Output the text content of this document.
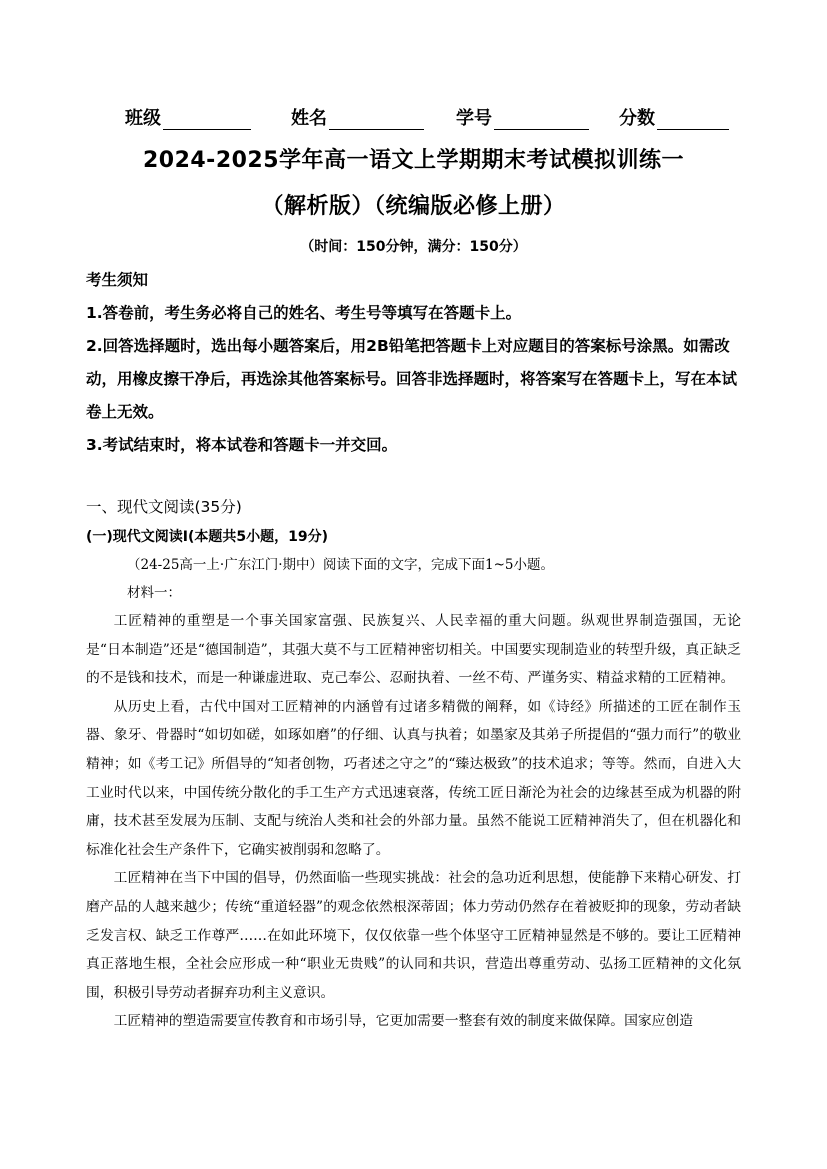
班级	姓名	学号	分数
2024-2025学年高一语文上学期期末考试模拟训练一
（解析版）（统编版必修上册）
（时间：150分钟，满分：150分）
考生须知
1.答卷前，考生务必将自己的姓名、考生号等填写在答题卡上。
2.回答选择题时，选出每小题答案后，用2B铅笔把答题卡上对应题目的答案标号涂黑。如需改动，用橡皮擦干净后，再选涂其他答案标号。回答非选择题时，将答案写在答题卡上，写在本试卷上无效。
3.考试结束时，将本试卷和答题卡一并交回。
一、现代文阅读(35分)
(一)现代文阅读Ⅰ(本题共5小题，19分)
（24-25高一上·广东江门·期中）阅读下面的文字，完成下面1~5小题。
材料一：

工匠精神的重塑是一个事关国家富强、民族复兴、人民幸福的重大问题。纵观世界制造强国，无论是“日本制造”还是“德国制造”，其强大莫不与工匠精神密切相关。中国要实现制造业的转型升级，真正缺乏的不是钱和技术，而是一种谦虚进取、克己奉公、忍耐执着、一丝不苟、严谨务实、精益求精的工匠精神。

从历史上看，古代中国对工匠精神的内涵曾有过诸多精微的阐释，如《诗经》所描述的工匠在制作玉器、象牙、骨器时“如切如磋，如琢如磨”的仔细、认真与执着；如墨家及其弟子所提倡的“强力而行”的敬业精神；如《考工记》所倡导的“知者创物，巧者述之守之”的“臻达极致”的技术追求；等等。然而，自进入大工业时代以来，中国传统分散化的手工生产方式迅速衰落，传统工匠日渐沦为社会的边缘甚至成为机器的附庸，技术甚至发展为压制、支配与统治人类和社会的外部力量。虽然不能说工匠精神消失了，但在机器化和标准化社会生产条件下，它确实被削弱和忽略了。

工匠精神在当下中国的倡导，仍然面临一些现实挑战：社会的急功近利思想，使能静下来精心研发、打磨产品的人越来越少；传统“重道轻器”的观念依然根深蒂固；体力劳动仍然存在着被贬抑的现象，劳动者缺乏发言权、缺乏工作尊严……在如此环境下，仅仅依靠一些个体坚守工匠精神显然是不够的。要让工匠精神真正落地生根，全社会应形成一种“职业无贵贱”的认同和共识，营造出尊重劳动、弘扬工匠精神的文化氛围，积极引导劳动者摒弃功利主义意识。

工匠精神的塑造需要宣传教育和市场引导，它更加需要一整套有效的制度来做保障。国家应创造
